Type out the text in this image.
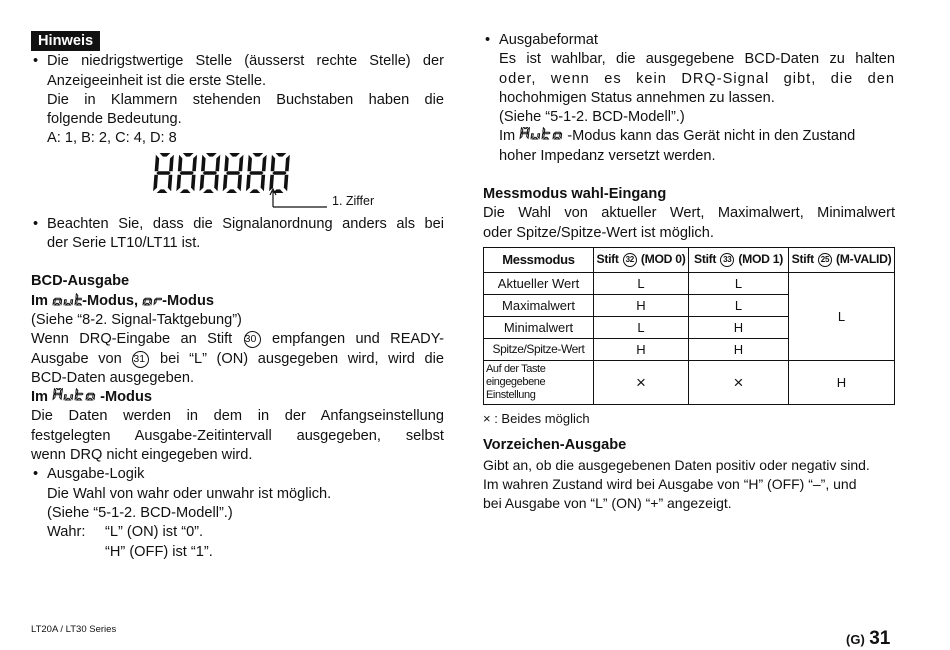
Hinweis
• Die niedrigstwertige Stelle (äusserst rechte Stelle) der
Anzeigeeinheit ist die erste Stelle.
Die in Klammern stehenden Buchstaben haben die
folgende Bedeutung.
A: 1, B: 2, C: 4, D: 8
1. Ziffer
• Beachten Sie, dass die Signalanordnung anders als bei
der Serie LT10/LT11 ist.
BCD-Ausgabe
Im -Modus, -Modus
(Siehe “8-2. Signal-Taktgebung”)
Wenn DRQ-Eingabe an Stift 30 empfangen und READY-
Ausgabe von 31 bei “L” (ON) ausgegeben wird, wird die
BCD-Daten ausgegeben.
Im	-Modus
Die Daten werden in dem in der Anfangseinstellung
festgelegten Ausgabe-Zeitintervall ausgegeben, selbst
wenn DRQ nicht eingegeben wird.
• Ausgabe-Logik
Die Wahl von wahr oder unwahr ist möglich.
(Siehe “5-1-2. BCD-Modell”.)
Wahr: “L” (ON) ist “0”.
“H” (OFF) ist “1”.
• Ausgabeformat
Es ist wahlbar, die ausgegebene BCD-Daten zu halten
oder, wenn es kein DRQ-Signal gibt, die den
hochohmigen Status annehmen zu lassen.
(Siehe “5-1-2. BCD-Modell”.)
Im	-Modus kann das Gerät nicht in den Zustand
hoher Impedanz versetzt werden.
Messmodus wahl-Eingang
Die Wahl von aktueller Wert, Maximalwert, Minimalwert
oder Spitze/Spitze-Wert ist möglich.
Messmodus	Stift 32 (MOD 0)	Stift 33 (MOD 1)	Stift 25 (M-VALID)
Aktueller Wert	L	L	L
Maximalwert	H	L	
Minimalwert	L	H	
Spitze/Spitze-Wert	H	H	
Auf der Taste
eingegebene Einstellung	×	×	H
× : Beides möglich
Vorzeichen-Ausgabe
Gibt an, ob die ausgegebenen Daten positiv oder negativ sind.
Im wahren Zustand wird bei Ausgabe von “H” (OFF) “–”, und
bei Ausgabe von “L” (ON) “+” angezeigt.
LT20A / LT30 Series
(G) 31
